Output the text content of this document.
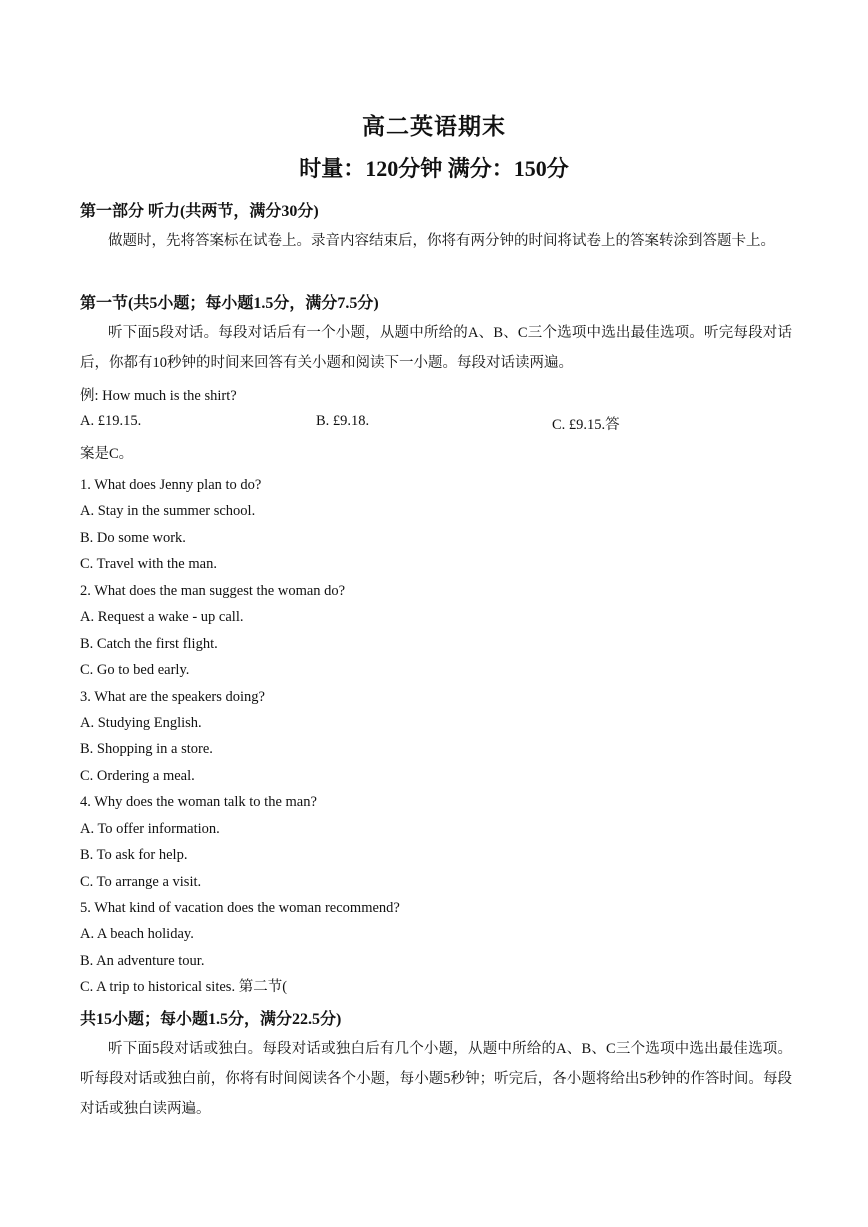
高二英语期末
时量：120分钟 满分：150分
第一部分 听力(共两节，满分30分)
做题时，先将答案标在试卷上。录音内容结束后，你将有两分钟的时间将试卷上的答案转涂到答题卡上。
第一节(共5小题；每小题1.5分，满分7.5分)
听下面5段对话。每段对话后有一个小题，从题中所给的A、B、C三个选项中选出最佳选项。听完每段对话后，你都有10秒钟的时间来回答有关小题和阅读下一小题。每段对话读两遍。
例: How much is the shirt?
A. £19.15.	B. £9.18.	C. £9.15.答
案是C。
1. What does Jenny plan to do?
A. Stay in the summer school.
B. Do some work.
C. Travel with the man.
2. What does the man suggest the woman do?
A. Request a wake - up call.
B. Catch the first flight.
C. Go to bed early.
3. What are the speakers doing?
A. Studying English.
B. Shopping in a store.
C. Ordering a meal.
4. Why does the woman talk to the man?
A. To offer information.
B. To ask for help.
C. To arrange a visit.
5. What kind of vacation does the woman recommend?
A. A beach holiday.
B. An adventure tour.
C. A trip to historical sites. 第二节(
共15小题；每小题1.5分，满分22.5分)
听下面5段对话或独白。每段对话或独白后有几个小题，从题中所给的A、B、C三个选项中选出最佳选项。听每段对话或独白前，你将有时间阅读各个小题，每小题5秒钟；听完后，各小题将给出5秒钟的作答时间。每段对话或独白读两遍。
